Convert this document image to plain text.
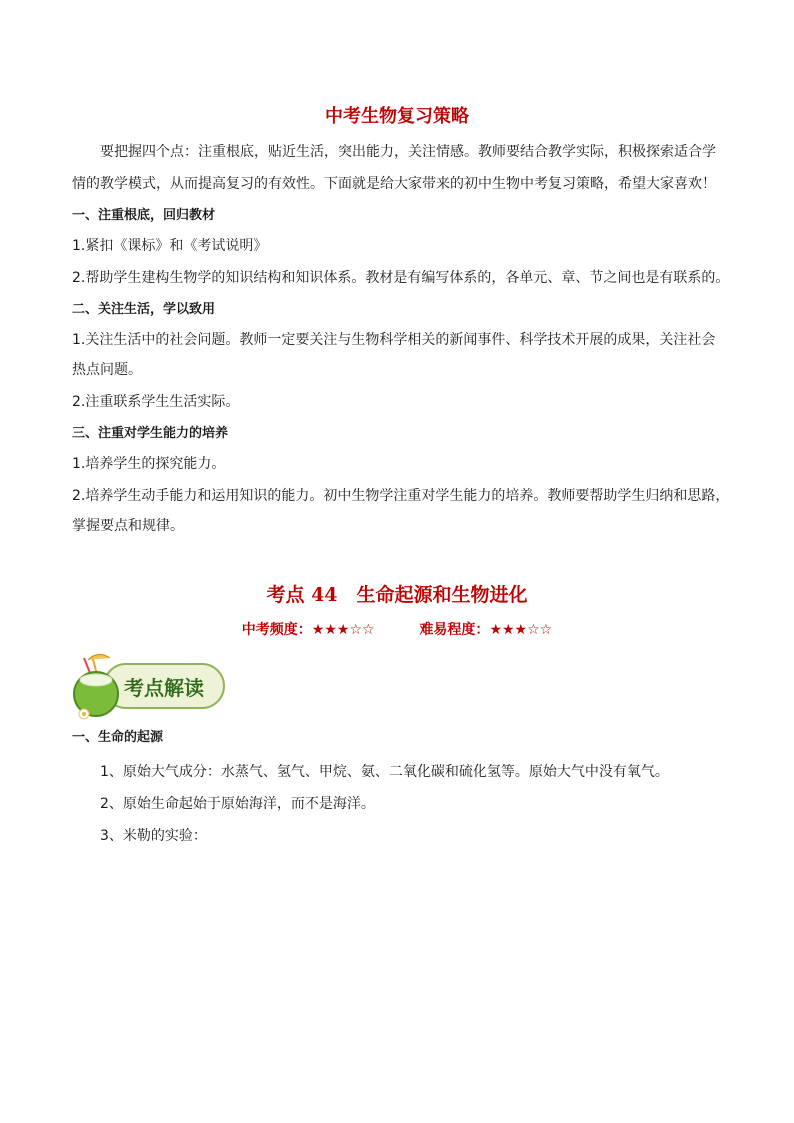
中考生物复习策略
要把握四个点：注重根底，贴近生活，突出能力，关注情感。教师要结合教学实际，积极探索适合学
情的教学模式，从而提高复习的有效性。下面就是给大家带来的初中生物中考复习策略，希望大家喜欢！
一、注重根底，回归教材
1.紧扣《课标》和《考试说明》
2.帮助学生建构生物学的知识结构和知识体系。教材是有编写体系的，各单元、章、节之间也是有联系的。
二、关注生活，学以致用
1.关注生活中的社会问题。教师一定要关注与生物科学相关的新闻事件、科学技术开展的成果，关注社会
热点问题。
2.注重联系学生生活实际。
三、注重对学生能力的培养
1.培养学生的探究能力。
2.培养学生动手能力和运用知识的能力。初中生物学注重对学生能力的培养。教师要帮助学生归纳和思路，
掌握要点和规律。
考点 44　生命起源和生物进化
中考频度：★★★☆☆	难易程度：★★★☆☆
考点解读
一、生命的起源
1、原始大气成分：水蒸气、氢气、甲烷、氨、二氧化碳和硫化氢等。原始大气中没有氧气。
2、原始生命起始于原始海洋，而不是海洋。
3、米勒的实验：
